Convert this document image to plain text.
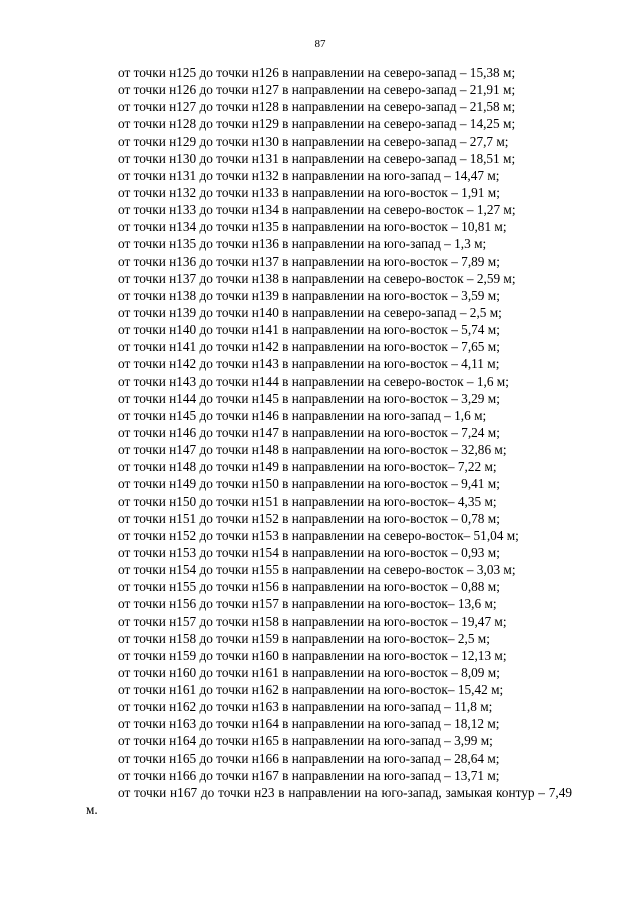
87
от точки н125 до точки н126 в направлении на северо-запад – 15,38 м;
от точки н126 до точки н127 в направлении на северо-запад – 21,91 м;
от точки н127 до точки н128 в направлении на северо-запад – 21,58 м;
от точки н128 до точки н129 в направлении на северо-запад – 14,25 м;
от точки н129 до точки н130 в направлении на северо-запад – 27,7 м;
от точки н130 до точки н131 в направлении на северо-запад – 18,51 м;
от точки н131 до точки н132 в направлении на юго-запад – 14,47 м;
от точки н132 до точки н133 в направлении на юго-восток – 1,91 м;
от точки н133 до точки н134 в направлении на северо-восток – 1,27 м;
от точки н134 до точки н135 в направлении на юго-восток – 10,81 м;
от точки н135 до точки н136 в направлении на юго-запад – 1,3 м;
от точки н136 до точки н137 в направлении на юго-восток – 7,89 м;
от точки н137 до точки н138 в направлении на северо-восток – 2,59 м;
от точки н138 до точки н139 в направлении на юго-восток – 3,59 м;
от точки н139 до точки н140 в направлении на северо-запад – 2,5 м;
от точки н140 до точки н141 в направлении на юго-восток – 5,74 м;
от точки н141 до точки н142 в направлении на юго-восток – 7,65 м;
от точки н142 до точки н143 в направлении на юго-восток – 4,11 м;
от точки н143 до точки н144 в направлении на северо-восток – 1,6 м;
от точки н144 до точки н145 в направлении на юго-восток – 3,29 м;
от точки н145 до точки н146 в направлении на юго-запад – 1,6 м;
от точки н146 до точки н147 в направлении на юго-восток – 7,24 м;
от точки н147 до точки н148 в направлении на юго-восток – 32,86 м;
от точки н148 до точки н149 в направлении на юго-восток– 7,22 м;
от точки н149 до точки н150 в направлении на юго-восток – 9,41 м;
от точки н150 до точки н151 в направлении на юго-восток– 4,35 м;
от точки н151 до точки н152 в направлении на юго-восток – 0,78 м;
от точки н152 до точки н153 в направлении на северо-восток– 51,04 м;
от точки н153 до точки н154 в направлении на юго-восток – 0,93 м;
от точки н154 до точки н155 в направлении на северо-восток – 3,03 м;
от точки н155 до точки н156 в направлении на юго-восток – 0,88 м;
от точки н156 до точки н157 в направлении на юго-восток– 13,6 м;
от точки н157 до точки н158 в направлении на юго-восток – 19,47 м;
от точки н158 до точки н159 в направлении на юго-восток– 2,5 м;
от точки н159 до точки н160 в направлении на юго-восток – 12,13 м;
от точки н160 до точки н161 в направлении на юго-восток – 8,09 м;
от точки н161 до точки н162 в направлении на юго-восток– 15,42 м;
от точки н162 до точки н163 в направлении на юго-запад – 11,8 м;
от точки н163 до точки н164 в направлении на юго-запад – 18,12 м;
от точки н164 до точки н165 в направлении на юго-запад – 3,99 м;
от точки н165 до точки н166 в направлении на юго-запад – 28,64 м;
от точки н166 до точки н167 в направлении на юго-запад – 13,71 м;
от точки н167 до точки н23 в направлении на юго-запад, замыкая контур – 7,49 м.
